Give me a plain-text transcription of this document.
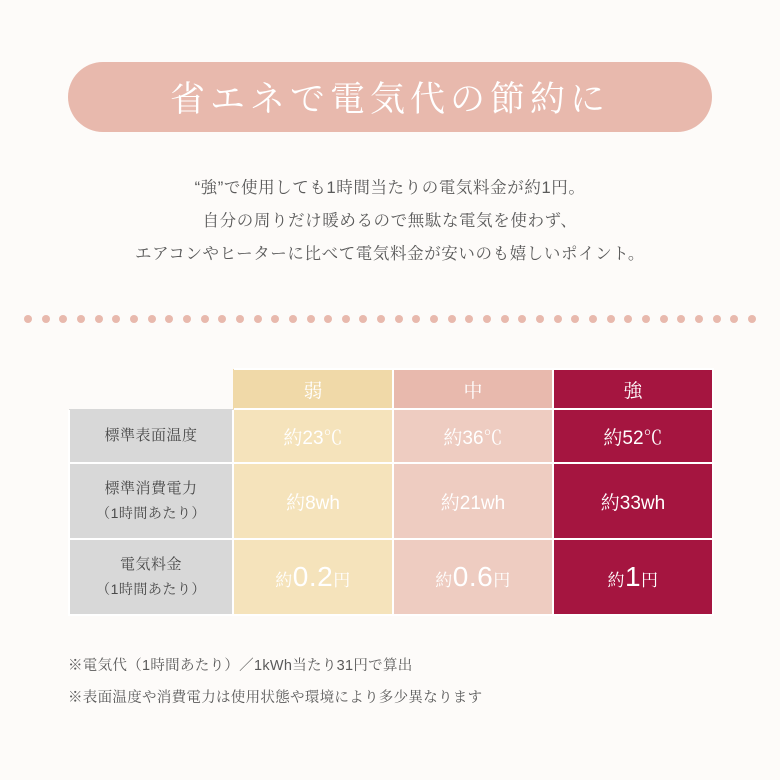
省エネで電気代の節約に
“強”で使用しても1時間当たりの電気料金が約1円。
自分の周りだけ暖めるので無駄な電気を使わず、
エアコンやヒーターに比べて電気料金が安いのも嬉しいポイント。
	弱	中	強
標準表面温度	約23℃	約36℃	約52℃

標準消費電力
（1時間あたり）	約8wh	約21wh	約33wh

電気料金
（1時間あたり）	約0.2円	約0.6円	約1円
※電気代（1時間あたり）／1kWh当たり31円で算出
※表面温度や消費電力は使用状態や環境により多少異なります
